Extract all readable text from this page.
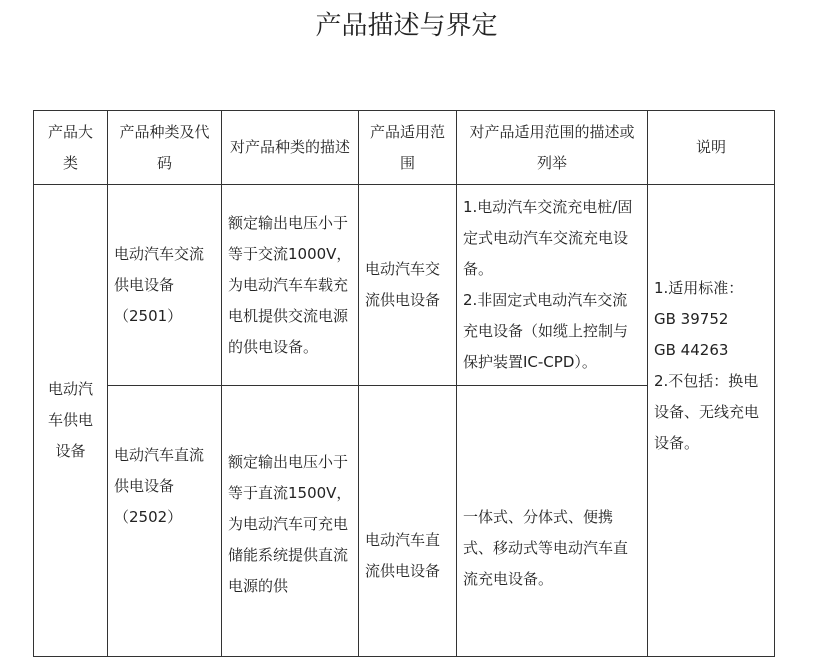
产品描述与界定
产品大类	产品种类及代码	对产品种类的描述	产品适用范围	对产品适用范围的描述或列举	说明

电动汽车供电设备	电动汽车交流供电设备（2501）	额定输出电压小于等于交流1000V，为电动汽车车载充电机提供交流电源的供电设备。	电动汽车交流供电设备	1.电动汽车交流充电桩/固定式电动汽车交流充电设备。
2.非固定式电动汽车交流充电设备（如缆上控制与保护装置IC-CPD）。	1.适用标准：
GB 39752
GB 44263
2.不包括：换电设备、无线充电设备。

	电动汽车直流供电设备（2502）	额定输出电压小于等于直流1500V，为电动汽车可充电储能系统提供直流电源的供	电动汽车直流供电设备	一体式、分体式、便携式、移动式等电动汽车直流充电设备。	
